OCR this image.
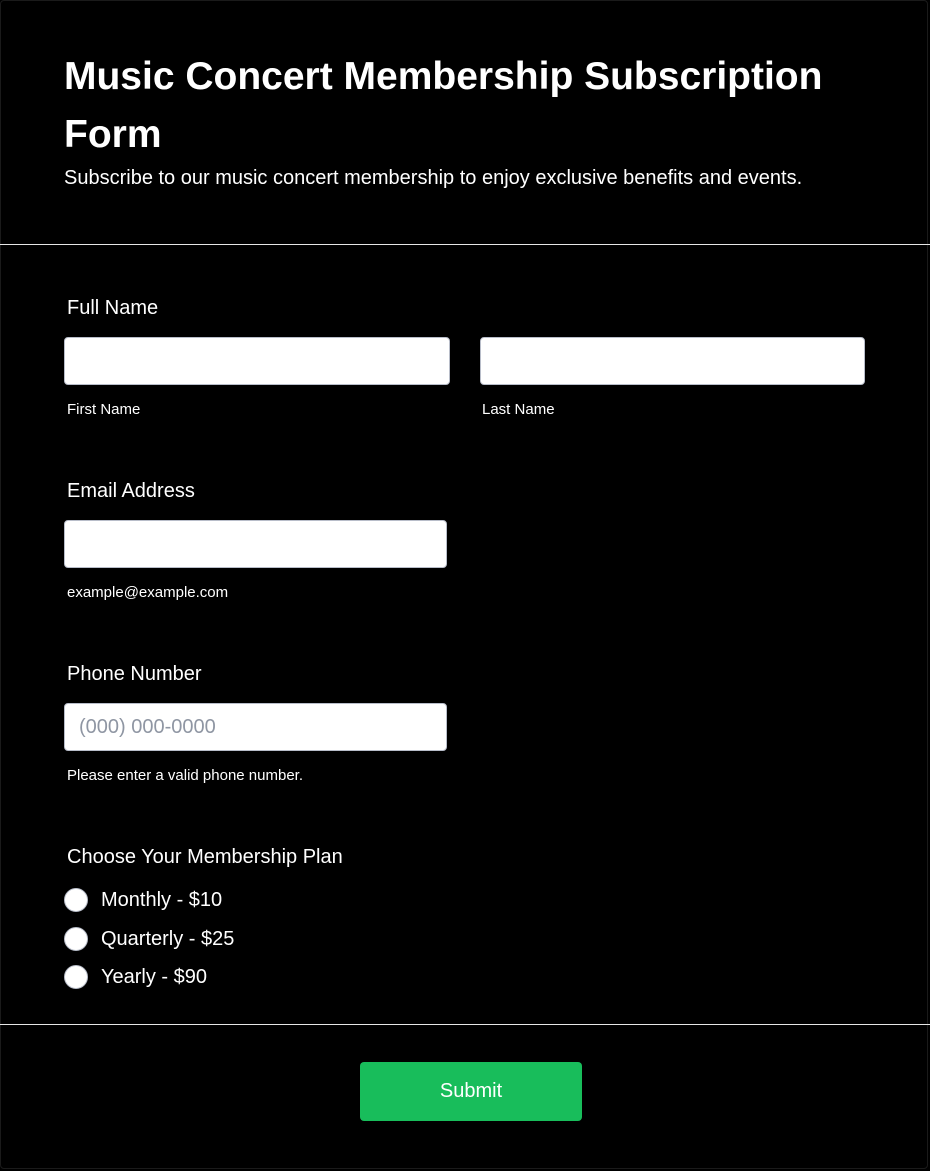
Music Concert Membership Subscription Form

Subscribe to our music concert membership to enjoy exclusive benefits and events.

Full Name
First Name	Last Name
Email Address
example@example.com
Phone Number
(000) 000-0000
Please enter a valid phone number.
Choose Your Membership Plan
Monthly - $10
Quarterly - $25
Yearly - $90
Submit
